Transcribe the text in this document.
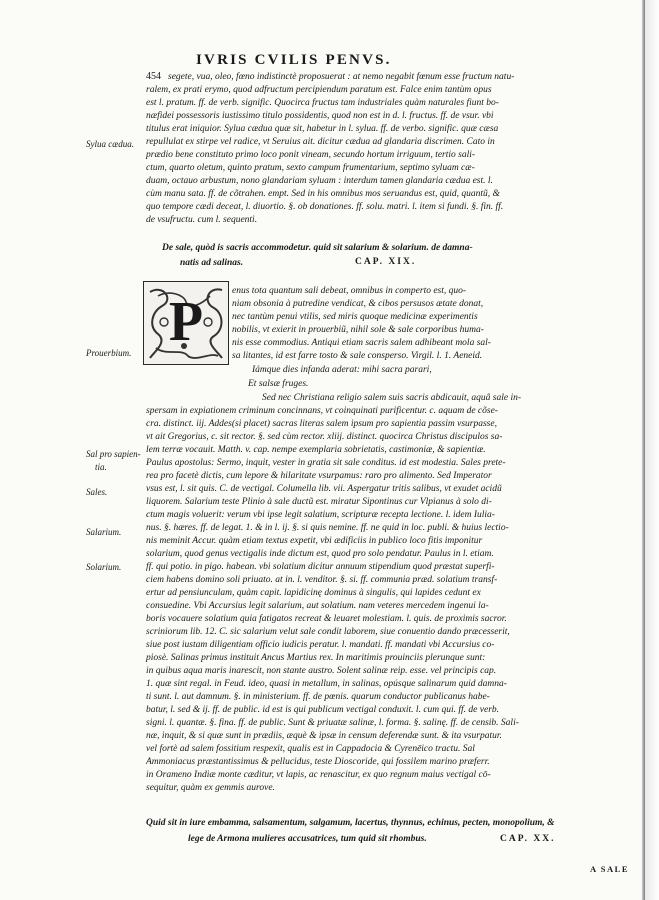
IVRIS CVILIS PENVS.
454 segete, vua, oleo, fœno indistinctè proposuerat : at nemo negabit fœnum esse fructum natu-
ralem, ex prati erymo, quod adfructum percipiendum paratum est. Falce enim tantùm opus
est l. pratum. ff. de verb. signific. Quocirca fructus tam industriales quàm naturales fiunt bo-
næfidei possessoris iustissimo titulo possidentis, quod non est in d. l. fructus. ff. de vsur. vbi
titulus erat iniquior. Sylua cædua quæ sit, habetur in l. sylua. ff. de verbo. signific. quæ cæsa
repullulat ex stirpe vel radice, vt Seruius ait. dicitur cædua ad glandaria discrimen. Cato in
prædio bene constituto primo loco ponit vineam, secundo hortum irriguum, tertio sali-
ctum, quarto oletum, quinto pratum, sexto campum frumentarium, septimo syluam cæ-
duam, octauo arbustum, nono glandariam syluam : interdum tamen glandaria cædua est. l.
cùm manu sata. ff. de cõtrahen. empt. Sed in his omnibus mos seruandus est, quid, quantũ, &
quo tempore cædi deceat, l. diuortio. §. ob donationes. ff. solu. matri. l. item si fundi. §. fin. ff.
de vsufructu. cum l. sequenti.
De sale, quòd is sacris accommodetur. quid sit salarium & solarium. de damna-
natis ad salinas.	CAP. XIX.
P	enus tota quantum sali debeat, omnibus in comperto est, quo-
niam obsonia à putredine vendicat, & cibos persusos ætate donat,
nec tantùm penui vtilis, sed miris quoque medicinæ experimentis
nobilis, vt exierit in prouerbiũ, nihil sole & sale corporibus huma-
nis esse commodius. Antiqui etiam sacris salem adhibeant mola sal-
sa litantes, id est farre tosto & sale consperso. Virgil. l. 1. Aeneid.
Iámque dies infanda aderat: mihi sacra parari,
Et salsæ fruges.
Sed nec Christiana religio salem suis sacris abdicauit, aquâ sale in-
spersam in expiationem criminum concinnans, vt coinquinati purificentur. c. aquam de cõse-
cra. distinct. iij. Addes(si placet) sacras literas salem ipsum pro sapientia passim vsurpasse,
vt ait Gregorius, c. sit rector. §. sed cùm rector. xliij. distinct. quocirca Christus discipulos sa-
lem terræ vocauit. Matth. v. cap. nempe exemplaria sobrietatis, castimoniæ, & sapientiæ.
Paulus apostolus: Sermo, inquit, vester in gratia sit sale conditus. id est modestia. Sales prete-
rea pro facetè dictis, cum lepore & hilaritate vsurpamus: raro pro alimento. Sed Imperator
vsus est, l. sit quis. C. de vectigal. Columella lib. vii. Aspergatur tritis salibus, vt exudet acidũ
liquorem. Salarium teste Plinio à sale ductũ est. miratur Sipontinus cur Vlpianus à solo di-
ctum magis voluerit: verum vbi ipse legit salatium, scripturæ recepta lectione. l. idem Iulia-
nus. §. hæres. ff. de legat. 1. & in l. ij. §. si quis nemine. ff. ne quid in loc. publi. & huius lectio-
nis meminit Accur. quàm etiam textus expetit, vbi ædificiis in publico loco fitis imponitur
solarium, quod genus vectigalis inde dictum est, quod pro solo pendatur. Paulus in l. etiam.
ff. qui potio. in pigo. habean. vbi solatium dicitur annuum stipendium quod præstat superfi-
ciem habens domino soli priuato. at in. l. venditor. §. si. ff. communia præd. solatium transf-
ertur ad pensiunculam, quàm capit. lapidicinę dominus à singulis, qui lapides cedunt ex
consuedine. Vbi Accursius legit salarium, aut solatium. nam veteres mercedem ingenui la-
boris vocauere solatium quia fatigatos recreat & leuaret molestiam. l. quis. de proximis sacror.
scriniorum lib. 12. C. sic salarium velut sale condit laborem, siue conuentio dando præcesserit,
siue post iustam diligentiam officio iudicis peratur. l. mandati. ff. mandati vbi Accursius co-
piosè. Salinas primus instituit Ancus Martius rex. In maritimis prouinciis plerunque sunt:
in quibus aqua maris inarescit, non stante austro. Solent salinæ reip. esse. vel principis cap.
1. quæ sint regal. in Feud. ideo, quasi in metallum, in salinas, opúsque salinarum quid damna-
ti sunt. l. aut damnum. §. in ministerium. ff. de pœnis. quarum conductor publicanus habe-
batur, l. sed & ij. ff. de public. id est is qui publicum vectigal conduxit. l. cum qui. ff. de verb.
signi. l. quantæ. §. fina. ff. de public. Sunt & priuatæ salinæ, l. forma. §. salinę. ff. de censib. Sali-
næ, inquit, & si quæ sunt in prædiis, æquè & ipsæ in censum deferendæ sunt. & ita vsurpatur.
vel fortè ad salem fossitium respexit, qualis est in Cappadocia & Cyrenēico tractu. Sal
Ammoniacus præstantissimus & pellucidus, teste Dioscoride, qui fossilem marino præferr.
in Orameno Indiæ monte cæditur, vt lapis, ac renascitur, ex quo regnum maius vectigal cō-
sequitur, quàm ex gemmis aurove.
Quid sit in iure embamma, salsamentum, salgamum, lacertus, thynnus, echinus, pecten, monopolium, &
lege de Armona mulieres accusatrices, tum quid sit rhombus.	CAP. XX.
Sylua cædua.
Prouerbium.
Sal pro sapien-
tia.
Sales.
Salarium.
Solarium.
A SALE
